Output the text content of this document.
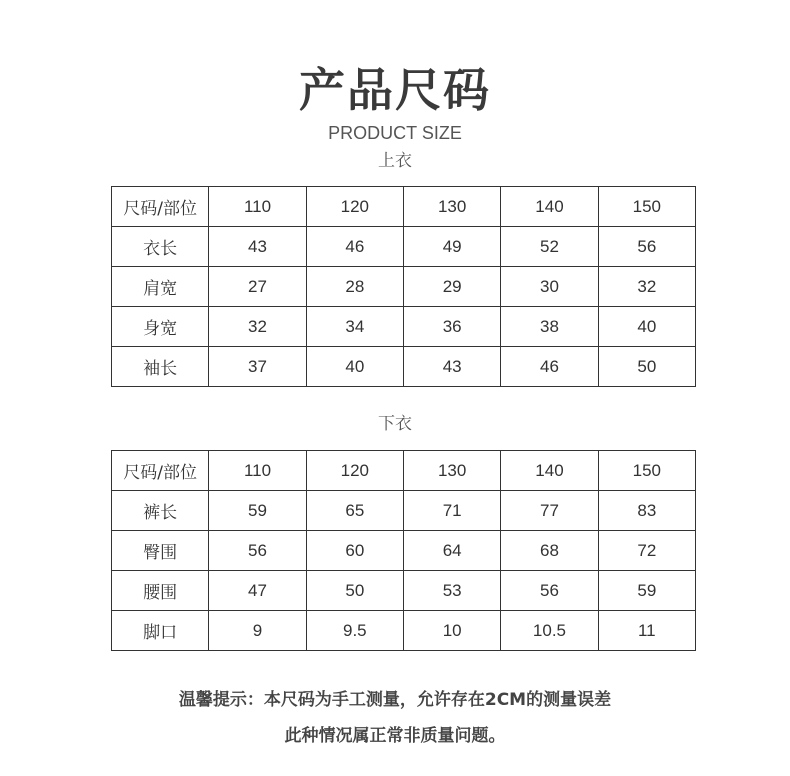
产品尺码
PRODUCT SIZE
上衣
尺码/部位	110	120	130	140	150
衣长	43	46	49	52	56
肩宽	27	28	29	30	32
身宽	32	34	36	38	40
袖长	37	40	43	46	50
下衣
尺码/部位	110	120	130	140	150
裤长	59	65	71	77	83
臀围	56	60	64	68	72
腰围	47	50	53	56	59
脚口	9	9.5	10	10.5	11
温馨提示：本尺码为手工测量，允许存在2CM的测量误差
此种情况属正常非质量问题。
